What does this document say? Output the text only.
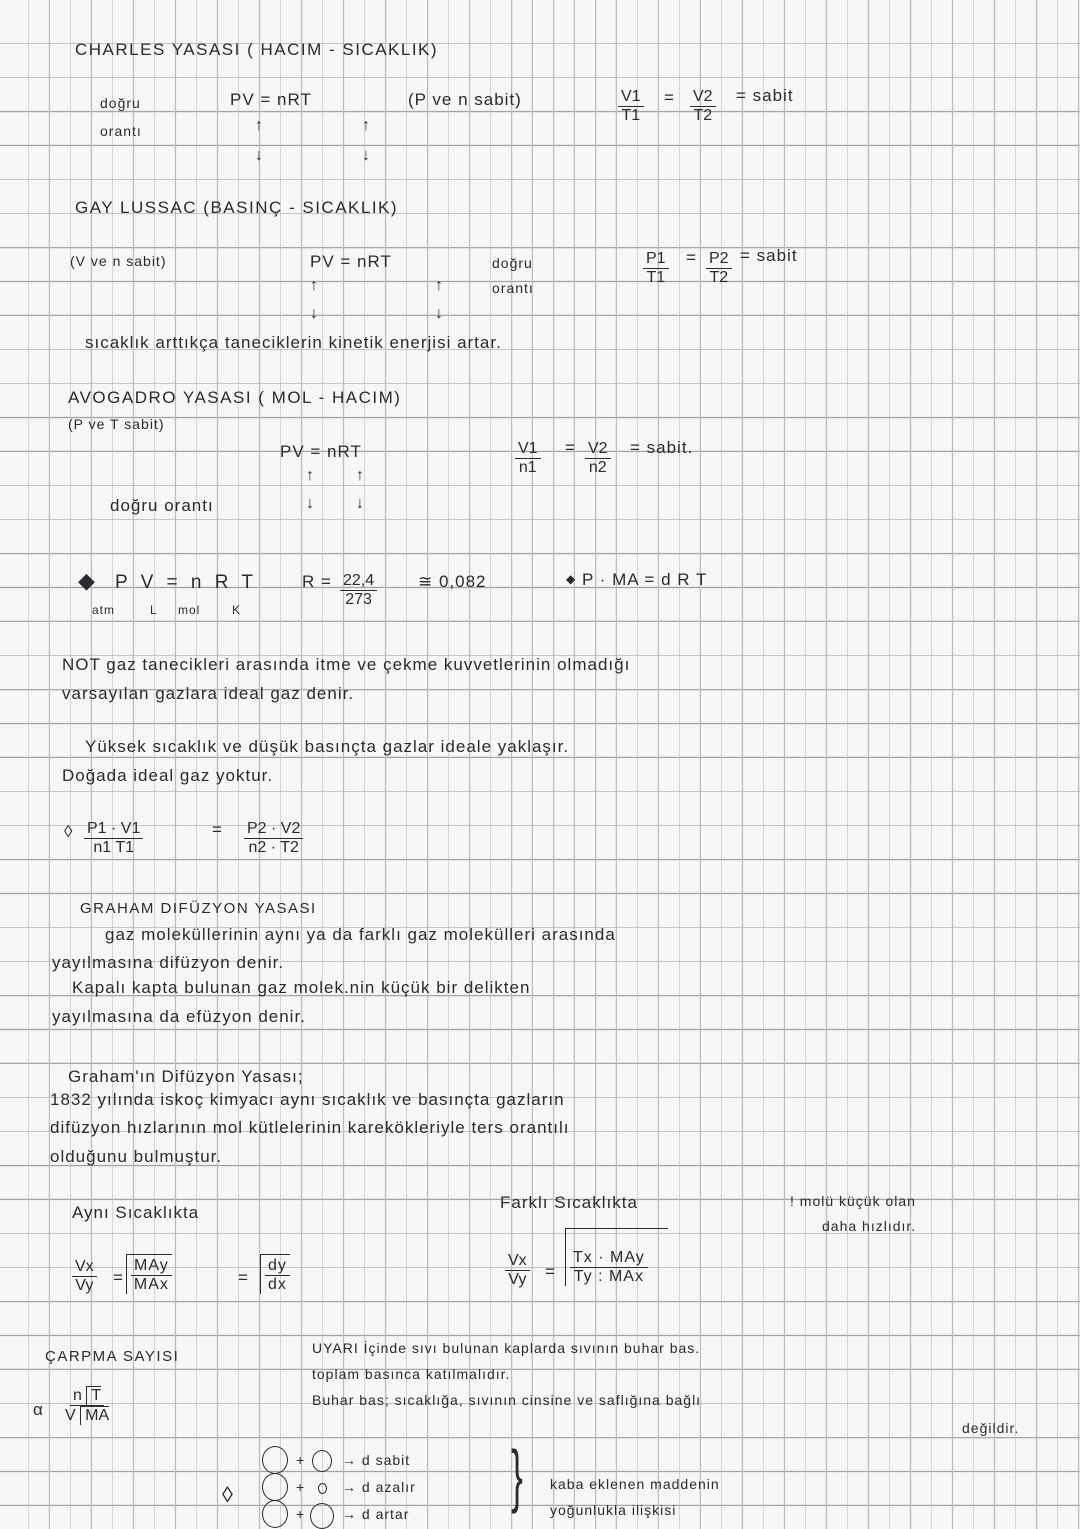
CHARLES YASASI ( HACIM - SICAKLIK)
doğru
orantı
PV = nRT
↑
↓
↑
↓
(P ve n sabit)	$\frac{V1}{T1} = \frac{V2}{T2}$ = sabit
GAY LUSSAC (BASINÇ - SICAKLIK)
(V ve n sabit)	PV = nRT
↑
↓
↑
↓
doğru
orantı
$\frac{P1}{T1} = \frac{P2}{T2}$ = sabit
sıcaklık arttıkça taneciklerin kinetik enerjisi artar.
AVOGADRO YASASI ( MOL - HACIM)
(P ve T sabit)
PV = nRT
↑
↓
↑
↓
doğru orantı
$\frac{V1}{n1} = \frac{V2}{n2}$ = sabit.
◆ P V = n R T
atm	L mol	K
$R = \frac{22,4}{273}$ ≅ 0,082	◆ P · MA = d R T
NOT gaz tanecikleri arasında itme ve çekme kuvvetlerinin olmadığı
varsayılan gazlara ideal gaz denir.
Yüksek sıcaklık ve düşük basınçta gazlar ideale yaklaşır.
Doğada ideal gaz yoktur.
◊ $\frac{P1 \cdot V1}{n1 T1}$	= $\frac{P2 \cdot V2}{n2 \cdot T2}$
GRAHAM DIFÜZYON YASASI
gaz moleküllerinin aynı ya da farklı gaz molekülleri arasında
yayılmasına difüzyon denir.
Kapalı kapta bulunan gaz molek.nin küçük bir delikten
yayılmasına da efüzyon denir.
Graham'ın Difüzyon Yasası;
1832 yılında iskoç kimyacı aynı sıcaklık ve basınçta gazların
difüzyon hızlarının mol kütlelerinin karekökleriyle ters orantılı
olduğunu bulmuştur.
Aynı Sıcaklıkta
Farklı Sıcaklıkta	! molü küçük olan
daha hızlıdır.
$\frac{Vx}{Vy} = \frac{\text{MAy}}{\text{MAx}}$	= $\frac{dy}{dx}$	$\frac{Vx}{Vy} = \frac{\text{Tx · MAy}}{\text{Ty : MAx}}$
ÇARPMA SAYISI
α $\frac{\text{n T}}{\text{V MA}}$
UYARI İçinde sıvı bulunan kaplarda sıvının buhar bas.
toplam basınca katılmalıdır.
Buhar bas; sıcaklığa, sıvının cinsine ve saflığına bağlı
değildir.
◊
+
+
+
→ d sabit
→ d azalır
→ d artar } kaba eklenen maddenin
yoğunlukla ilişkisi
